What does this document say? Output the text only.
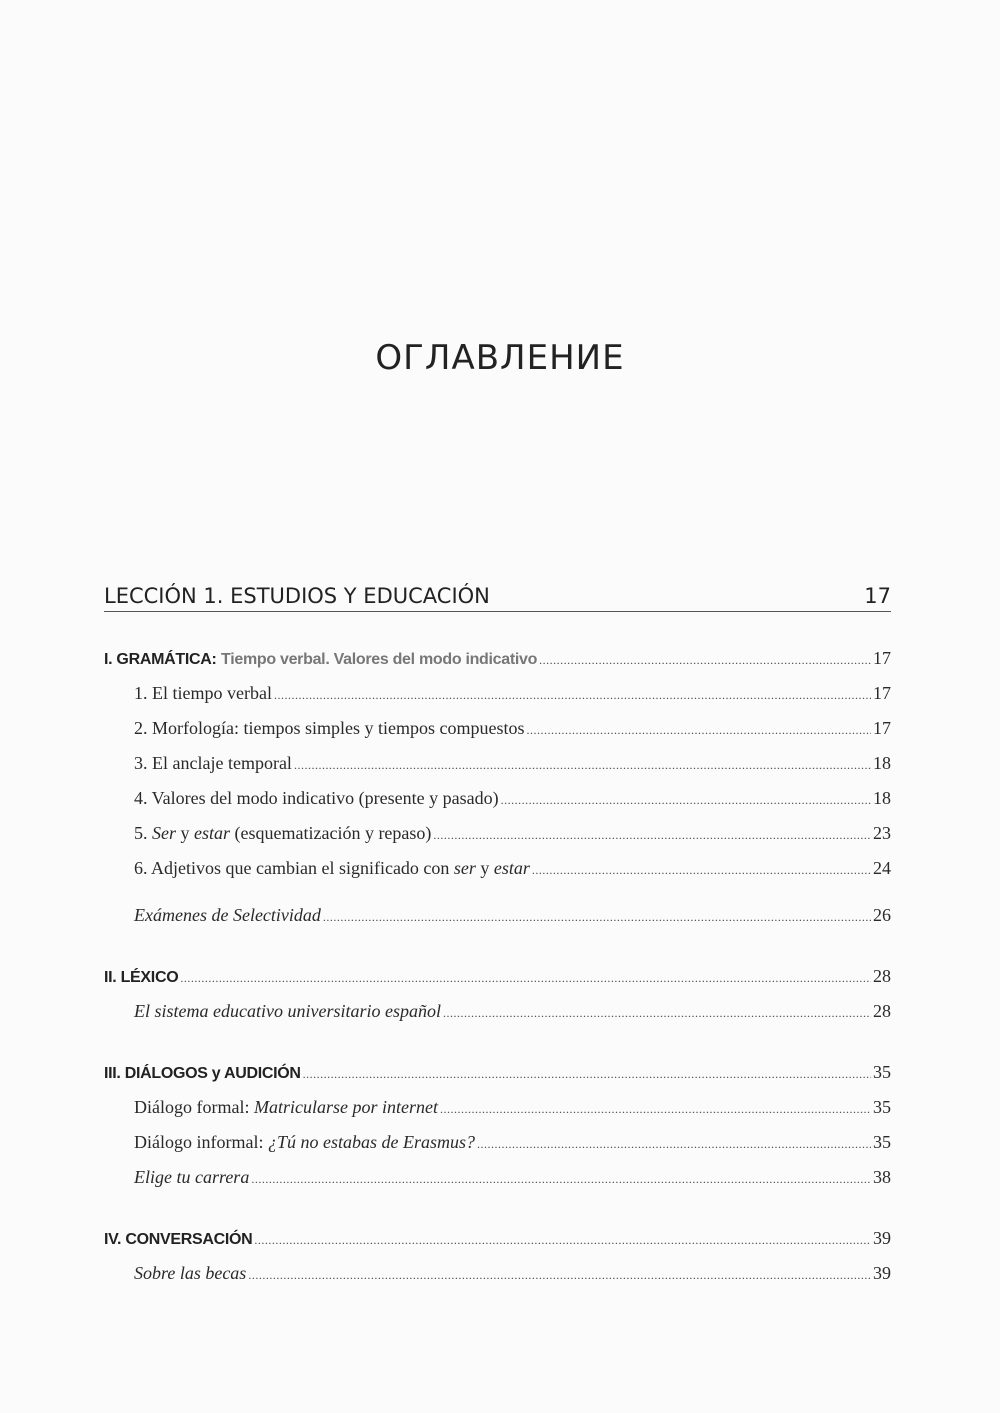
ОГЛАВЛЕНИЕ
LECCIÓN 1. ESTUDIOS Y EDUCACIÓN	17
I. GRAMÁTICA: Tiempo verbal. Valores del modo indicativo .....	17
1. El tiempo verbal .....	17
2. Morfología: tiempos simples y tiempos compuestos .....	17
3. El anclaje temporal .....	18
4. Valores del modo indicativo (presente y pasado) .....	18
5. Ser y estar (esquematización y repaso) .....	23
6. Adjetivos que cambian el significado con ser y estar .....	24
Exámenes de Selectividad .....	26
II. LÉXICO .....	28
El sistema educativo universitario español .....	28
III. DIÁLOGOS y AUDICIÓN .....	35
Diálogo formal: Matricularse por internet .....	35
Diálogo informal: ¿Tú no estabas de Erasmus? .....	35
Elige tu carrera .....	38
IV. CONVERSACIÓN .....	39
Sobre las becas .....	39
